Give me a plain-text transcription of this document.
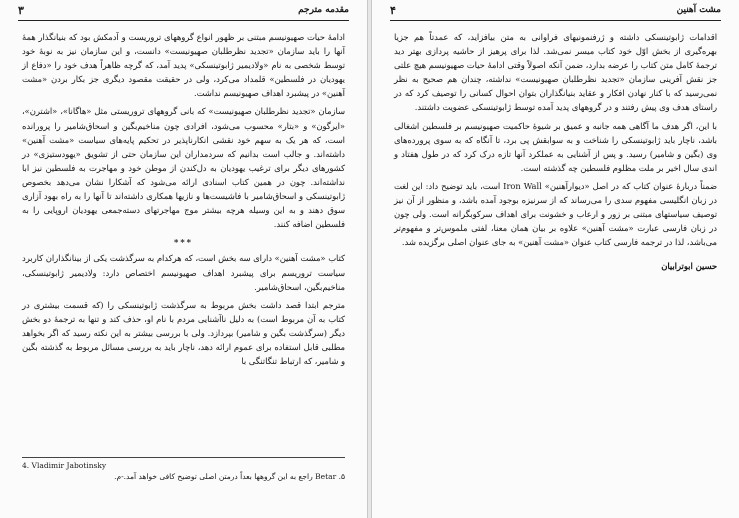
۳	مقدمه مترجم

ادامهٔ حیات صهیونیسم مبتنی بر ظهور انواع گروههای تروریست و آدمکش بود که بنیانگذار همهٔ آنها را باید سازمان «تجدید نظرطلبان صهیونیست» دانست، و این سازمان نیز به نوبهٔ خود توسط شخصی به نام «ولادیمیر ژابوتینسکی» پدید آمد، که گرچه ظاهراً هدف خود را «دفاع از یهودیان در فلسطین» قلمداد می‌کرد، ولی در حقیقت مقصود دیگری جز بکار بردن «مشت آهنین» در پیشبرد اهداف صهیونیسم نداشت.

سازمان «تجدید نظرطلبان صهیونیست» که بانی گروههای تروریستی مثل «هاگانا»، «اشترن»، «ایرگون» و «بتار» محسوب می‌شود، افرادی چون مناخیم‌بگین و اسحاق‌شامیر را پرورانده است، که هر یک به سهم خود نقشی انکارناپذیر در تحکیم پایه‌های سیاست «مشت آهنین» داشته‌اند. و جالب است بدانیم که سردمداران این سازمان حتی از تشویق «یهودستیزی» در کشورهای دیگر برای ترغیب یهودیان به دل‌کندن از موطن خود و مهاجرت به فلسطین نیز ابا نداشته‌اند. چون در همین کتاب اسنادی ارائه می‌شود که آشکارا نشان می‌دهد بخصوص ژابوتینسکی و اسحاق‌شامیر با فاشیست‌ها و نازیها همکاری داشته‌اند تا آنها را به راه بهود آزاری سوق دهند و به این وسیله هرچه بیشتر موج مهاجرتهای دسته‌جمعی یهودیان اروپایی را به فلسطین اضافه کنند.

***

کتاب «مشت آهنین» دارای سه بخش است، که هرکدام به سرگذشت یکی از بینانگذاران کاربرد سیاست تروریسم برای پیشبرد اهداف صهیونیسم اختصاص دارد: ولادیمیر ژابوتینسکی، مناخیم‌بگین، اسحاق‌شامیر.

مترجم ابتدا قصد داشت بخش مربوط به سرگذشت ژابوتینسکی را (که قسمت بیشتری در کتاب به آن مربوط است) به دلیل ناآشنایی مردم با نام او، حذف کند و تنها به ترجمهٔ دو بخش دیگر (سرگذشت بگین و شامیر) بپردازد. ولی با بررسی بیشتر به این نکته رسید که اگر بخواهد مطلبی قابل استفاده برای عموم ارائه دهد، ناچار باید به بررسی مسائل مربوط به گذشته بگین و شامیر، که ارتباط تنگاتنگی با

4. Vladimir Jabotinsky
۵. Betar راجع به این گروهها بعداً درمتن اصلی توضیح کافی خواهد آمد.-م.
۴	مشت آهنین

اقدامات ژابوتینسکی داشته و ژرفنمونیهای فراوانی به متن بیافزاید، که عمدتاً هم جزیا بهره‌گیری از بخش اوّل خود کتاب میسر نمی‌شد. لذا برای پرهیز از حاشیه پردازی بهتر دید ترجمهٔ کامل متن کتاب را عرضه بدارد، ضمن آنکه اصولاً وقتی ادامهٔ حیات صهیونیسم هیچ علتی جز نقش آفرینی سازمان «تجدید نظرطلبان صهیونیست» نداشته، چندان هم صحیح به نظر نمی‌رسید که با کنار نهادن افکار و عقاید بنیانگذاران بتوان احوال کسانی را توصیف کرد که در راستای هدف وی پیش رفتند و در گروههای پدید آمده توسط ژابوتینسکی عضویت داشتند.

با این، اگر هدف ما آگاهی همه جانبه و عمیق بر شیوهٔ حاکمیت صهیونیسم بر فلسطین اشغالی باشد، ناچار باید ژابوتینسکی را شناخت و به سوابقش پی برد، تا آنگاه که به سوی پرورده‌های وی (بگین و شامیر) رسید. و پس از آشنایی به عملکرد آنها تازه درک کرد که در طول هفتاد و اندی سال اخیر بر ملت مظلوم فلسطین چه گذشته است.

ضمناً دربارهٔ عنوان کتاب که در اصل «دیوارآهنین» Iron Wall است، باید توضیح داد: این لغت در زبان انگلیسی مفهوم سدی را می‌رساند که از سرنیزه بوجود آمده باشد، و منظور از آن نیز توصیف سیاستهای مبتنی بر زور و ارعاب و خشونت برای اهداف سرکوبگرانه است. ولی چون در زبان فارسی عبارت «مشت آهنین» علاوه بر بیان همان معنا، لفتی ملموس‌تر و مفهوم‌تر می‌باشد، لذا در ترجمه فارسی کتاب عنوان «مشت آهنین» به جای عنوان اصلی برگزیده شد.

حسین ابوترابیان
